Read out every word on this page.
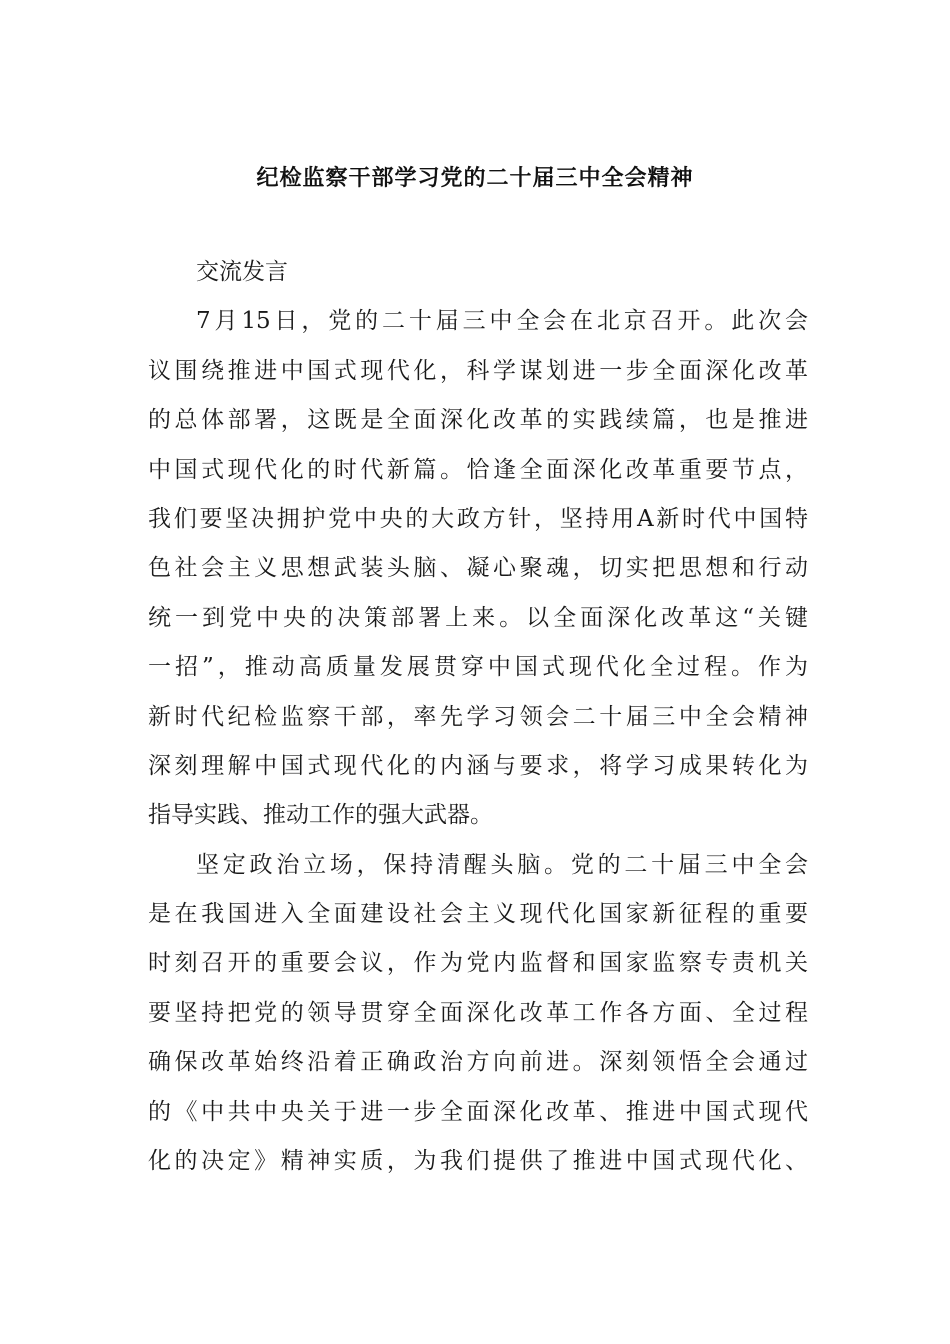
纪检监察干部学习党的二十届三中全会精神
交流发言
7月15日，党的二十届三中全会在北京召开。此次会
议围绕推进中国式现代化，科学谋划进一步全面深化改革
的总体部署，这既是全面深化改革的实践续篇，也是推进
中国式现代化的时代新篇。恰逢全面深化改革重要节点，
我们要坚决拥护党中央的大政方针，坚持用A新时代中国特
色社会主义思想武装头脑、凝心聚魂，切实把思想和行动
统一到党中央的决策部署上来。以全面深化改革这“关键
一招”，推动高质量发展贯穿中国式现代化全过程。作为
新时代纪检监察干部，率先学习领会二十届三中全会精神
深刻理解中国式现代化的内涵与要求，将学习成果转化为
指导实践、推动工作的强大武器。
坚定政治立场，保持清醒头脑。党的二十届三中全会
是在我国进入全面建设社会主义现代化国家新征程的重要
时刻召开的重要会议，作为党内监督和国家监察专责机关
要坚持把党的领导贯穿全面深化改革工作各方面、全过程
确保改革始终沿着正确政治方向前进。深刻领悟全会通过
的《中共中央关于进一步全面深化改革、推进中国式现代
化的决定》精神实质，为我们提供了推进中国式现代化、
